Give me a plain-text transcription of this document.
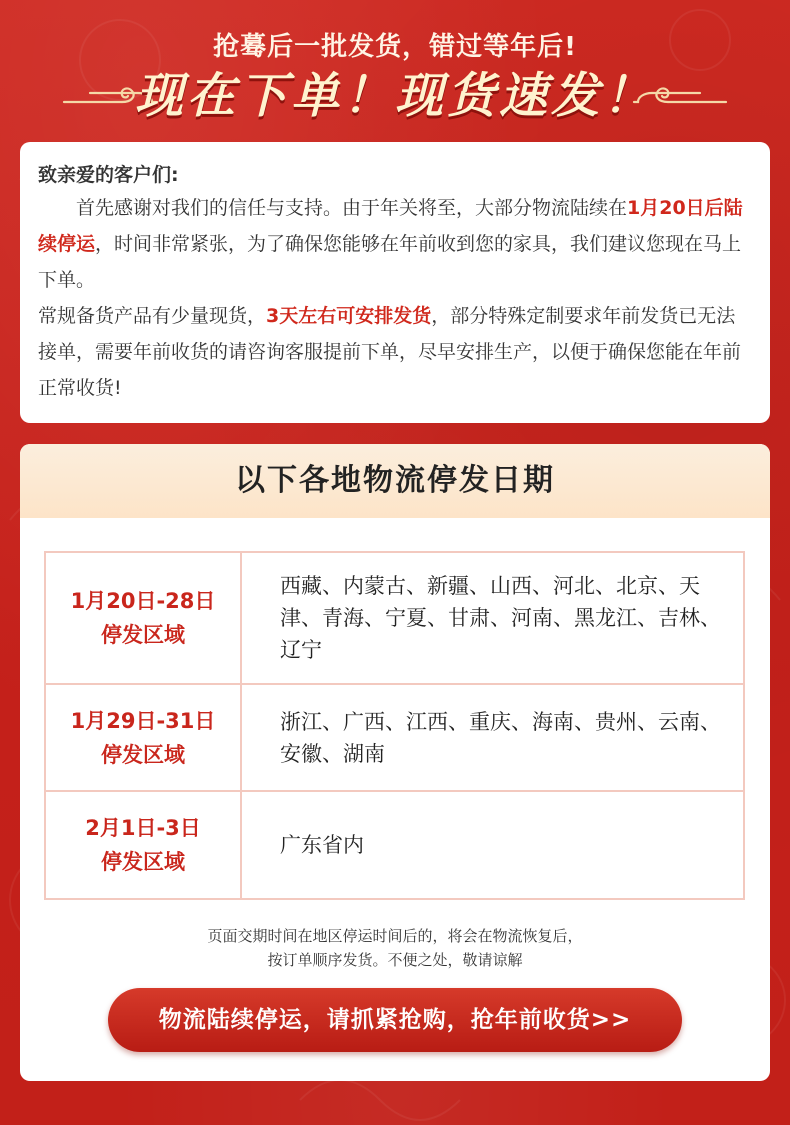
抢蓦后一批发货，错过等年后!
现在下单！现货速发！
致亲爱的客户们:

首先感谢对我们的信任与支持。由于年关将至，大部分物流陆续在1月20日后陆续停运，时间非常紧张，为了确保您能够在年前收到您的家具，我们建议您现在马上下单。

常规备货产品有少量现货，3天左右可安排发货，部分特殊定制要求年前发货已无法接单，需要年前收货的请咨询客服提前下单，尽早安排生产，以便于确保您能在年前正常收货!

以下各地物流停发日期
1月20日-28日
停发区域
西藏、内蒙古、新疆、山西、河北、北京、天津、青海、宁夏、甘肃、河南、黑龙江、吉林、辽宁
1月29日-31日
停发区域
浙江、广西、江西、重庆、海南、贵州、云南、安徽、湖南
2月1日-3日
停发区域
广东省内
页面交期时间在地区停运时间后的，将会在物流恢复后，
按订单顺序发货。不便之处，敬请谅解
物流陆续停运，请抓紧抢购，抢年前收货>>
